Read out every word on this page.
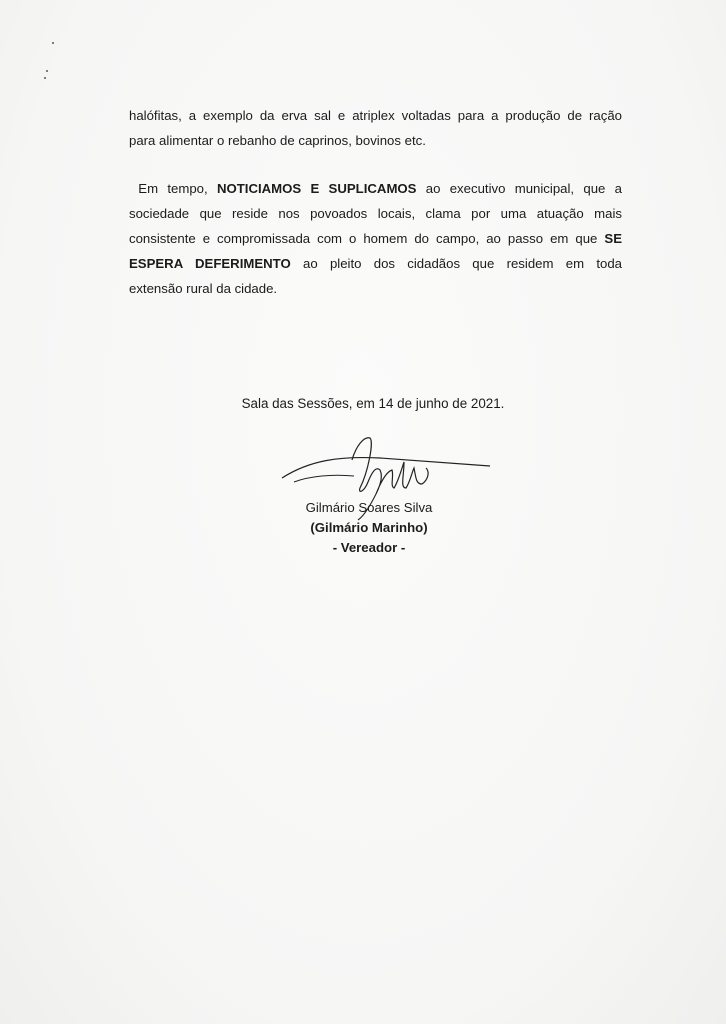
halófitas, a exemplo da erva sal e atriplex voltadas para a produção de ração
para alimentar o rebanho de caprinos, bovinos etc.
Em tempo, NOTICIAMOS E SUPLICAMOS ao executivo municipal, que a
sociedade que reside nos povoados locais, clama por uma atuação mais
consistente e compromissada com o homem do campo, ao passo em que SE
ESPERA DEFERIMENTO ao pleito dos cidadãos que residem em toda
extensão rural da cidade.
Sala das Sessões, em 14 de junho de 2021.
Gilmário Soares Silva
(Gilmário Marinho)
- Vereador -
